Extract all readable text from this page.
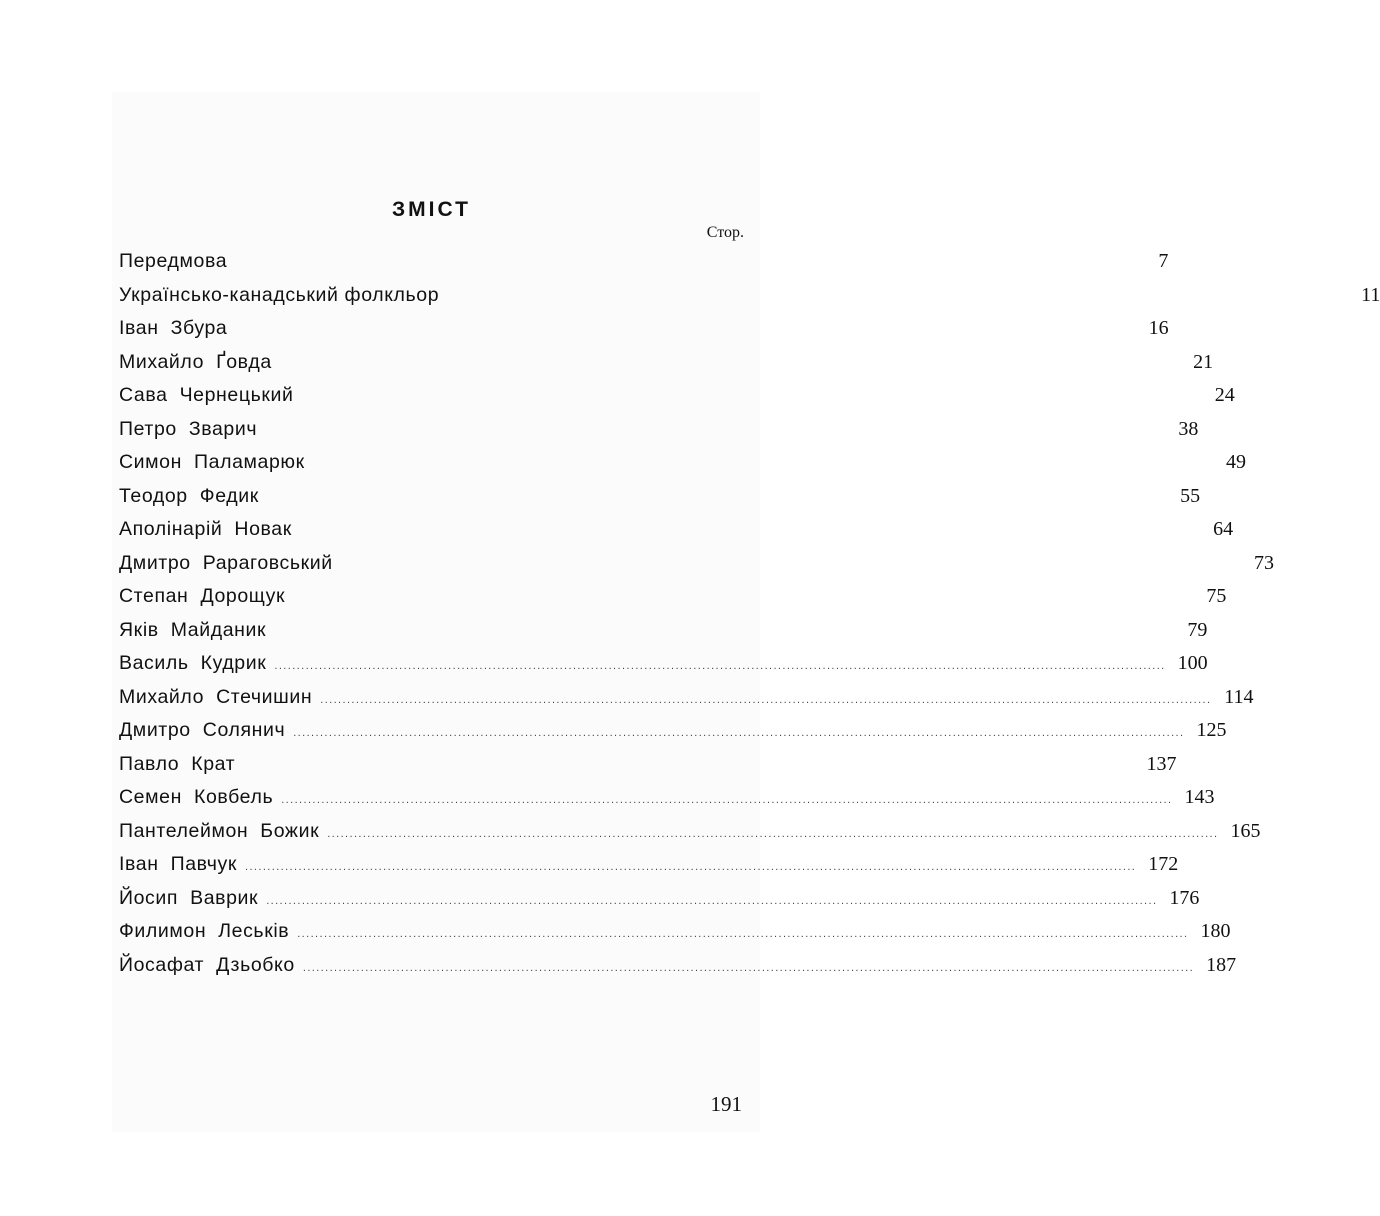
ЗМІСТ
Стор.
Передмова	7
Українсько-канадський фолкльор	11
Іван  Збура	16
Михайло  Ґовда	21
Сава  Чернецький	24
Петро  Зварич	38
Симон  Паламарюк	49
Теодор  Федик	55
Аполінарій  Новак	64
Дмитро  Рараговський	73
Степан  Дорощук	75
Яків  Майданик	79
Василь  Кудрик ........................................................................................................................................................................................................ 100
Михайло  Стечишин ........................................................................................................................................................................................................ 114
Дмитро  Солянич ........................................................................................................................................................................................................ 125
Павло  Крат	137
Семен  Ковбель ........................................................................................................................................................................................................ 143
Пантелеймон  Божик ........................................................................................................................................................................................................ 165
Іван  Павчук ........................................................................................................................................................................................................ 172
Йосип  Ваврик ........................................................................................................................................................................................................ 176
Филимон  Леськів ........................................................................................................................................................................................................ 180
Йосафат  Дзьобко ........................................................................................................................................................................................................ 187
191
